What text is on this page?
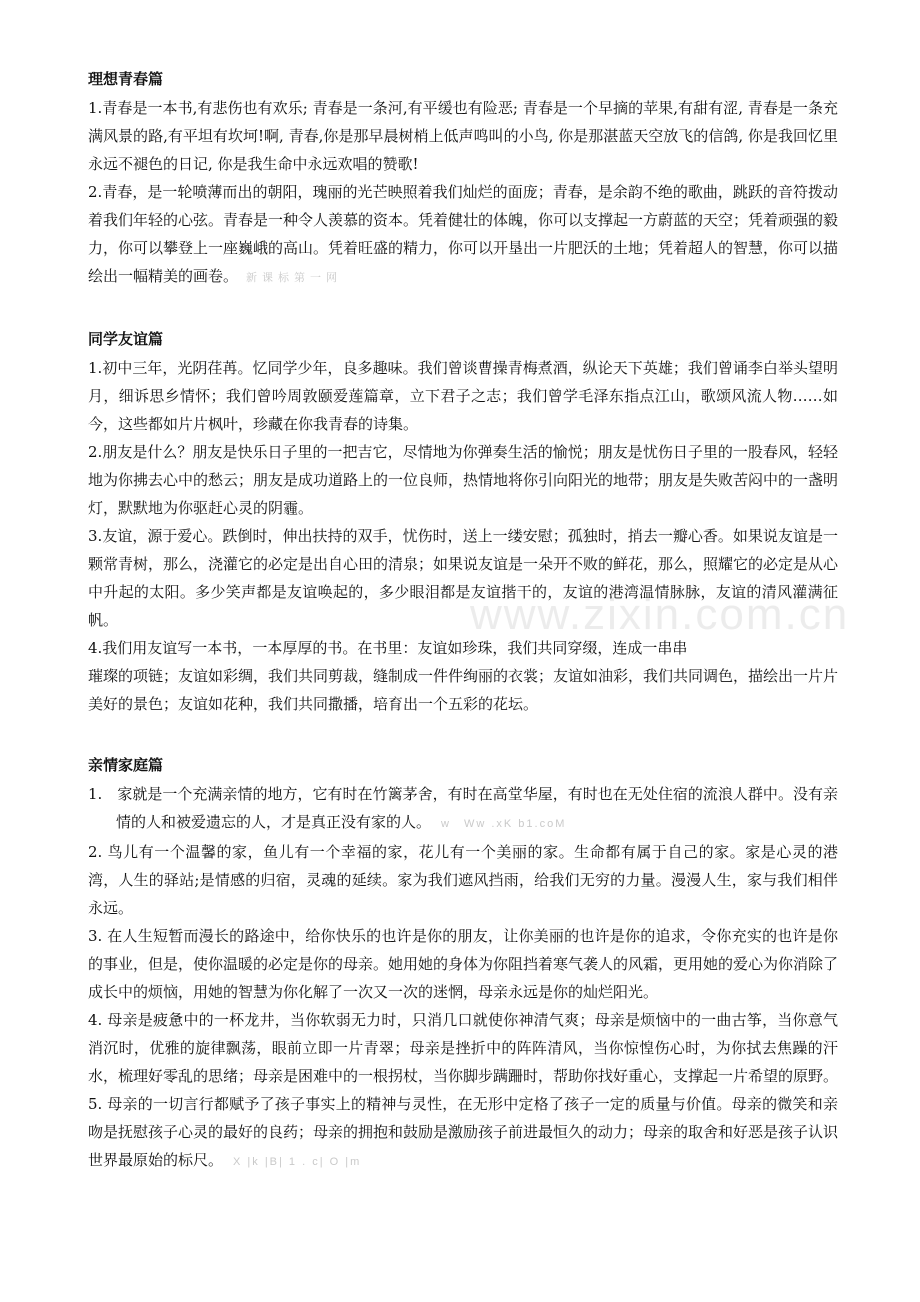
www.zixin.com.cn

理想青春篇

1.青春是一本书,有悲伤也有欢乐; 青春是一条河,有平缓也有险恶; 青春是一个早摘的苹果,有甜有涩, 青春是一条充满风景的路,有平坦有坎坷!啊, 青春,你是那早晨树梢上低声鸣叫的小鸟, 你是那湛蓝天空放飞的信鸽, 你是我回忆里永远不褪色的日记, 你是我生命中永远欢唱的赞歌!

2.青春，是一轮喷薄而出的朝阳，瑰丽的光芒映照着我们灿烂的面庞；青春，是余韵不绝的歌曲，跳跃的音符拨动着我们年轻的心弦。青春是一种令人羡慕的资本。凭着健壮的体魄，你可以支撑起一方蔚蓝的天空；凭着顽强的毅力，你可以攀登上一座巍峨的高山。凭着旺盛的精力，你可以开垦出一片肥沃的土地；凭着超人的智慧，你可以描绘出一幅精美的画卷。 新课标第一网

同学友谊篇

1.初中三年，光阴荏苒。忆同学少年，良多趣味。我们曾谈曹操青梅煮酒，纵论天下英雄；我们曾诵李白举头望明月，细诉思乡情怀；我们曾吟周敦颐爱莲篇章，立下君子之志；我们曾学毛泽东指点江山，歌颂风流人物……如今，这些都如片片枫叶，珍藏在你我青春的诗集。

2.朋友是什么？朋友是快乐日子里的一把吉它，尽情地为你弹奏生活的愉悦；朋友是忧伤日子里的一股春风，轻轻地为你拂去心中的愁云；朋友是成功道路上的一位良师，热情地将你引向阳光的地带；朋友是失败苦闷中的一盏明灯，默默地为你驱赶心灵的阴霾。

3.友谊，源于爱心。跌倒时，伸出扶持的双手，忧伤时，送上一缕安慰；孤独时，捎去一瓣心香。如果说友谊是一颗常青树，那么，浇灌它的必定是出自心田的清泉；如果说友谊是一朵开不败的鲜花，那么，照耀它的必定是从心中升起的太阳。多少笑声都是友谊唤起的，多少眼泪都是友谊揩干的，友谊的港湾温情脉脉，友谊的清风灌满征帆。

4.我们用友谊写一本书，一本厚厚的书。在书里：友谊如珍珠，我们共同穿缀，连成一串串

璀璨的项链；友谊如彩绸，我们共同剪裁，缝制成一件件绚丽的衣裳；友谊如油彩，我们共同调色，描绘出一片片美好的景色；友谊如花种，我们共同撒播，培育出一个五彩的花坛。

亲情家庭篇

1.　家就是一个充满亲情的地方，它有时在竹篱茅舍，有时在高堂华屋，有时也在无处住宿的流浪人群中。没有亲情的人和被爱遗忘的人，才是真正没有家的人。 w　Ww .xK b1.coM

2. 鸟儿有一个温馨的家，鱼儿有一个幸福的家，花儿有一个美丽的家。生命都有属于自己的家。家是心灵的港湾，人生的驿站;是情感的归宿，灵魂的延续。家为我们遮风挡雨，给我们无穷的力量。漫漫人生，家与我们相伴永远。

3. 在人生短暂而漫长的路途中，给你快乐的也许是你的朋友，让你美丽的也许是你的追求，令你充实的也许是你的事业，但是，使你温暖的必定是你的母亲。她用她的身体为你阻挡着寒气袭人的风霜，更用她的爱心为你消除了成长中的烦恼，用她的智慧为你化解了一次又一次的迷惘，母亲永远是你的灿烂阳光。

4. 母亲是疲惫中的一杯龙井，当你软弱无力时，只消几口就使你神清气爽；母亲是烦恼中的一曲古筝，当你意气消沉时，优雅的旋律飘荡，眼前立即一片青翠；母亲是挫折中的阵阵清风，当你惊惶伤心时，为你拭去焦躁的汗水，梳理好零乱的思绪；母亲是困难中的一根拐杖，当你脚步蹒跚时，帮助你找好重心，支撑起一片希望的原野。

5. 母亲的一切言行都赋予了孩子事实上的精神与灵性，在无形中定格了孩子一定的质量与价值。母亲的微笑和亲吻是抚慰孩子心灵的最好的良药；母亲的拥抱和鼓励是激励孩子前进最恒久的动力；母亲的取舍和好恶是孩子认识世界最原始的标尺。 X |k |B| 1 . c| O |m
